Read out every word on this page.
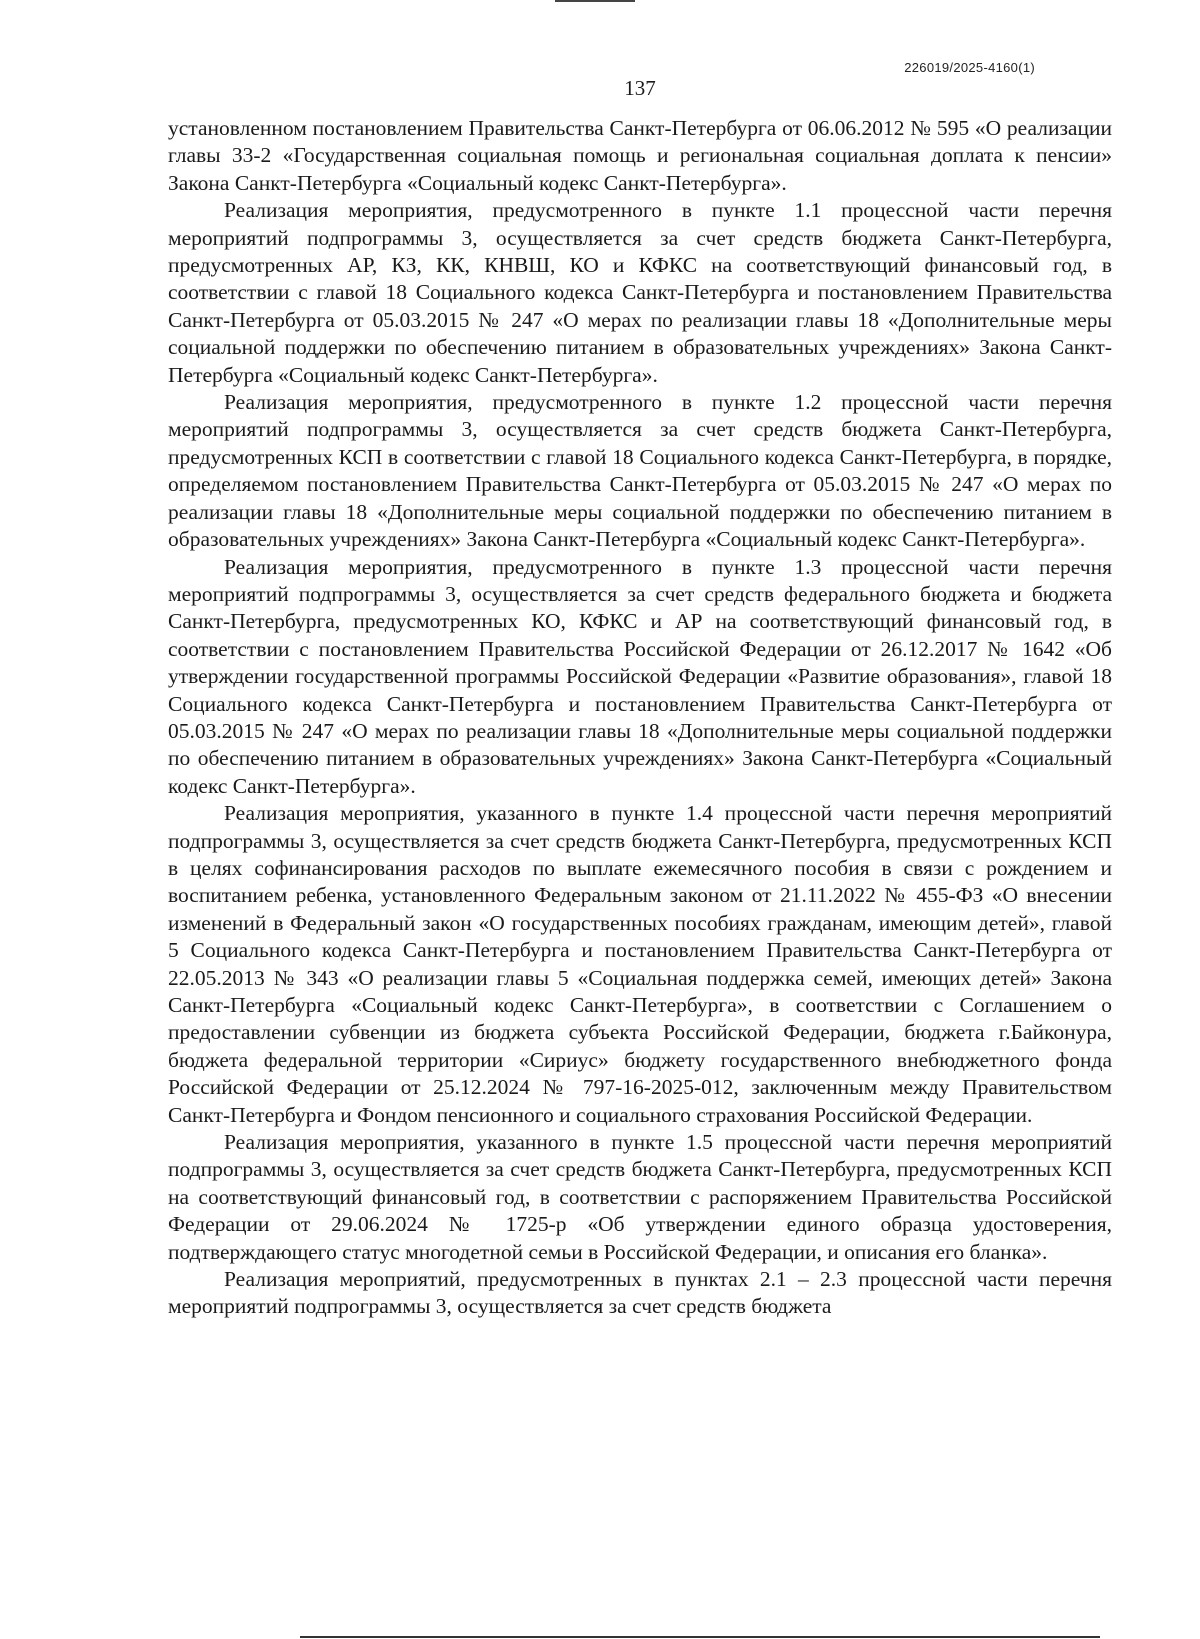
226019/2025-4160(1)
137

установленном постановлением Правительства Санкт-Петербурга от 06.06.2012 № 595 «О реализации главы 33-2 «Государственная социальная помощь и региональная социальная доплата к пенсии» Закона Санкт-Петербурга «Социальный кодекс Санкт-Петербурга».

Реализация мероприятия, предусмотренного в пункте 1.1 процессной части перечня мероприятий подпрограммы 3, осуществляется за счет средств бюджета Санкт-Петербурга, предусмотренных АР, КЗ, КК, КНВШ, КО и КФКС на соответствующий финансовый год, в соответствии с главой 18 Социального кодекса Санкт-Петербурга и постановлением Правительства Санкт-Петербурга от 05.03.2015 № 247 «О мерах по реализации главы 18 «Дополнительные меры социальной поддержки по обеспечению питанием в образовательных учреждениях» Закона Санкт-Петербурга «Социальный кодекс Санкт-Петербурга».

Реализация мероприятия, предусмотренного в пункте 1.2 процессной части перечня мероприятий подпрограммы 3, осуществляется за счет средств бюджета Санкт-Петербурга, предусмотренных КСП в соответствии с главой 18 Социального кодекса Санкт-Петербурга, в порядке, определяемом постановлением Правительства Санкт-Петербурга от 05.03.2015 № 247 «О мерах по реализации главы 18 «Дополнительные меры социальной поддержки по обеспечению питанием в образовательных учреждениях» Закона Санкт-Петербурга «Социальный кодекс Санкт-Петербурга».

Реализация мероприятия, предусмотренного в пункте 1.3 процессной части перечня мероприятий подпрограммы 3, осуществляется за счет средств федерального бюджета и бюджета Санкт-Петербурга, предусмотренных КО, КФКС и АР на соответствующий финансовый год, в соответствии с постановлением Правительства Российской Федерации от 26.12.2017 № 1642 «Об утверждении государственной программы Российской Федерации «Развитие образования», главой 18 Социального кодекса Санкт-Петербурга и постановлением Правительства Санкт-Петербурга от 05.03.2015 № 247 «О мерах по реализации главы 18 «Дополнительные меры социальной поддержки по обеспечению питанием в образовательных учреждениях» Закона Санкт-Петербурга «Социальный кодекс Санкт-Петербурга».

Реализация мероприятия, указанного в пункте 1.4 процессной части перечня мероприятий подпрограммы 3, осуществляется за счет средств бюджета Санкт-Петербурга, предусмотренных КСП в целях софинансирования расходов по выплате ежемесячного пособия в связи с рождением и воспитанием ребенка, установленного Федеральным законом от 21.11.2022 № 455-ФЗ «О внесении изменений в Федеральный закон «О государственных пособиях гражданам, имеющим детей», главой 5 Социального кодекса Санкт-Петербурга и постановлением Правительства Санкт-Петербурга от 22.05.2013 № 343 «О реализации главы 5 «Социальная поддержка семей, имеющих детей» Закона Санкт-Петербурга «Социальный кодекс Санкт-Петербурга», в соответствии с Соглашением о предоставлении субвенции из бюджета субъекта Российской Федерации, бюджета г.Байконура, бюджета федеральной территории «Сириус» бюджету государственного внебюджетного фонда Российской Федерации от 25.12.2024 № 797-16-2025-012, заключенным между Правительством Санкт-Петербурга и Фондом пенсионного и социального страхования Российской Федерации.

Реализация мероприятия, указанного в пункте 1.5 процессной части перечня мероприятий подпрограммы 3, осуществляется за счет средств бюджета Санкт-Петербурга, предусмотренных КСП на соответствующий финансовый год, в соответствии с распоряжением Правительства Российской Федерации от 29.06.2024 № 1725-р «Об утверждении единого образца удостоверения, подтверждающего статус многодетной семьи в Российской Федерации, и описания его бланка».

Реализация мероприятий, предусмотренных в пунктах 2.1 – 2.3 процессной части перечня мероприятий подпрограммы 3, осуществляется за счет средств бюджета
